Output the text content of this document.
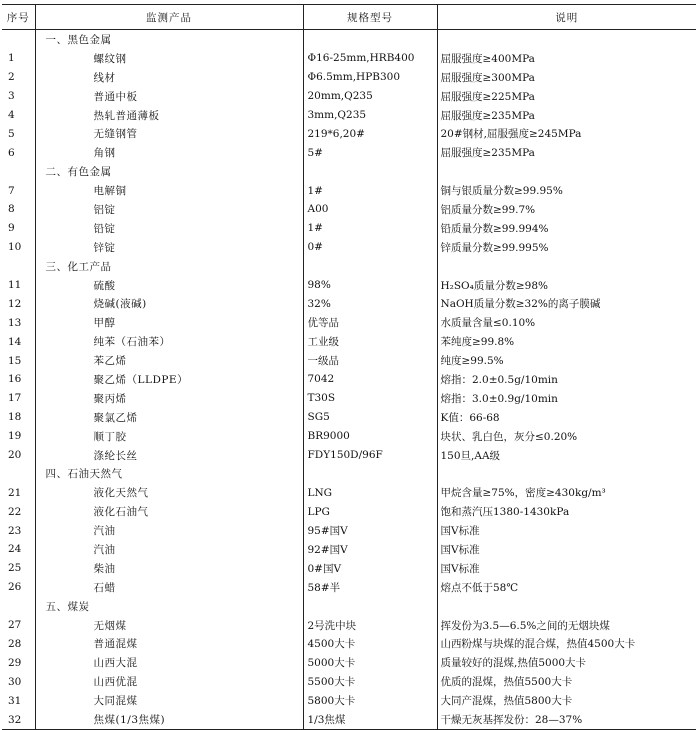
序号	监测产品	规格型号	说明
	一、黑色金属		
1	螺纹钢	Φ16-25mm,HRB400	屈服强度≥400MPa
2	线材	Φ6.5mm,HPB300	屈服强度≥300MPa
3	普通中板	20mm,Q235	屈服强度≥225MPa
4	热轧普通薄板	3mm,Q235	屈服强度≥235MPa
5	无缝钢管	219*6,20#	20#钢材,屈服强度≥245MPa
6	角钢	5#	屈服强度≥235MPa
	二、有色金属		
7	电解铜	1#	铜与银质量分数≥99.95%
8	铝锭	A00	铝质量分数≥99.7%
9	铅锭	1#	铅质量分数≥99.994%
10	锌锭	0#	锌质量分数≥99.995%
	三、化工产品		
11	硫酸	98%	H₂SO₄质量分数≥98%
12	烧碱(液碱)	32%	NaOH质量分数≥32%的离子膜碱
13	甲醇	优等品	水质量含量≤0.10%
14	纯苯（石油苯）	工业级	苯纯度≥99.8%
15	苯乙烯	一级品	纯度≥99.5%
16	聚乙烯（LLDPE）	7042	熔指：2.0±0.5g/10min
17	聚丙烯	T30S	熔指：3.0±0.9g/10min
18	聚氯乙烯	SG5	K值：66-68
19	顺丁胶	BR9000	块状、乳白色，灰分≤0.20%
20	涤纶长丝	FDY150D/96F	150旦,AA级
	四、石油天然气		
21	液化天然气	LNG	甲烷含量≥75%，密度≥430kg/m³
22	液化石油气	LPG	饱和蒸汽压1380-1430kPa
23	汽油	95#国Ⅴ	国Ⅴ标准
24	汽油	92#国Ⅴ	国Ⅴ标准
25	柴油	0#国Ⅴ	国Ⅴ标准
26	石蜡	58#半	熔点不低于58℃
	五、煤炭		
27	无烟煤	2号洗中块	挥发份为3.5—6.5%之间的无烟块煤
28	普通混煤	4500大卡	山西粉煤与块煤的混合煤，热值4500大卡
29	山西大混	5000大卡	质量较好的混煤,热值5000大卡
30	山西优混	5500大卡	优质的混煤，热值5500大卡
31	大同混煤	5800大卡	大同产混煤，热值5800大卡
32	焦煤(1/3焦煤)	1/3焦煤	干燥无灰基挥发份：28—37%
